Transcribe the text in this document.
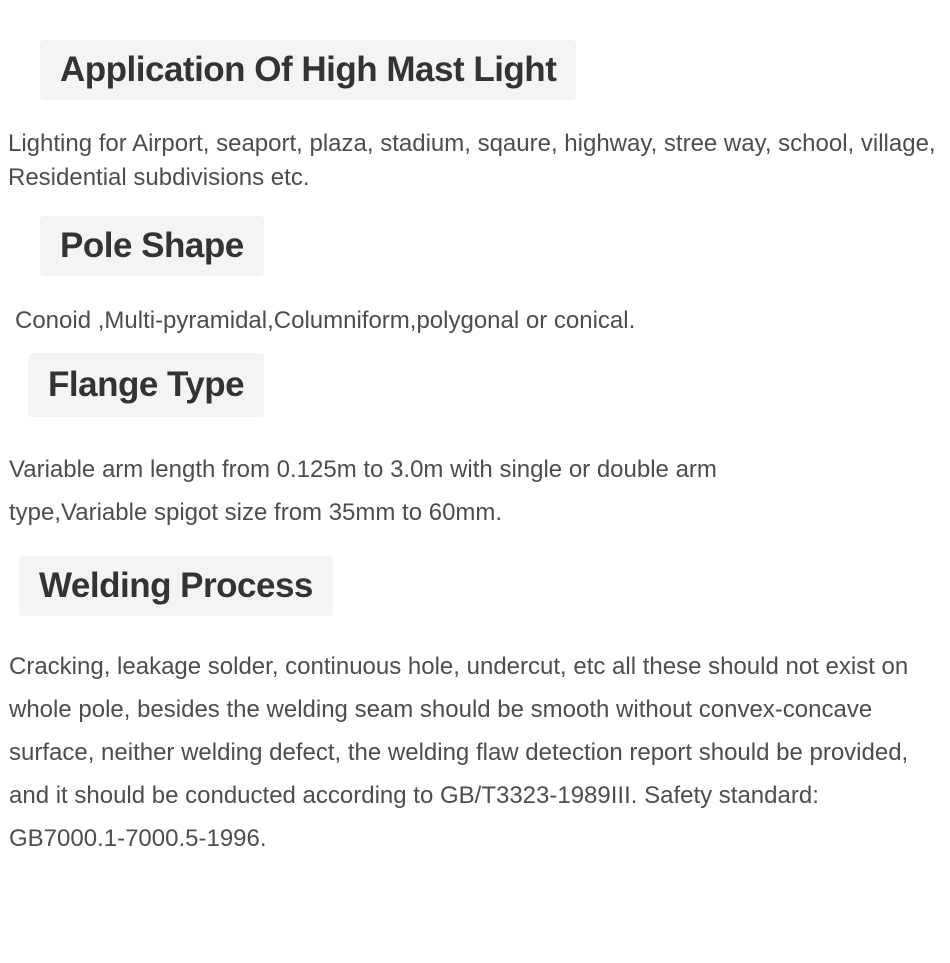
Application Of High Mast Light

Lighting for Airport, seaport, plaza, stadium, sqaure, highway, stree way, school, village, Residential subdivisions etc.

Pole Shape

Conoid ,Multi-pyramidal,Columniform,polygonal or conical.

Flange Type

Variable arm length from 0.125m to 3.0m with single or double arm type,Variable spigot size from 35mm to 60mm.

Welding Process

Cracking, leakage solder, continuous hole, undercut, etc all these should not exist on whole pole, besides the welding seam should be smooth without convex-concave surface, neither welding defect, the welding flaw detection report should be provided, and it should be conducted according to GB/T3323-1989III. Safety standard: GB7000.1-7000.5-1996.
